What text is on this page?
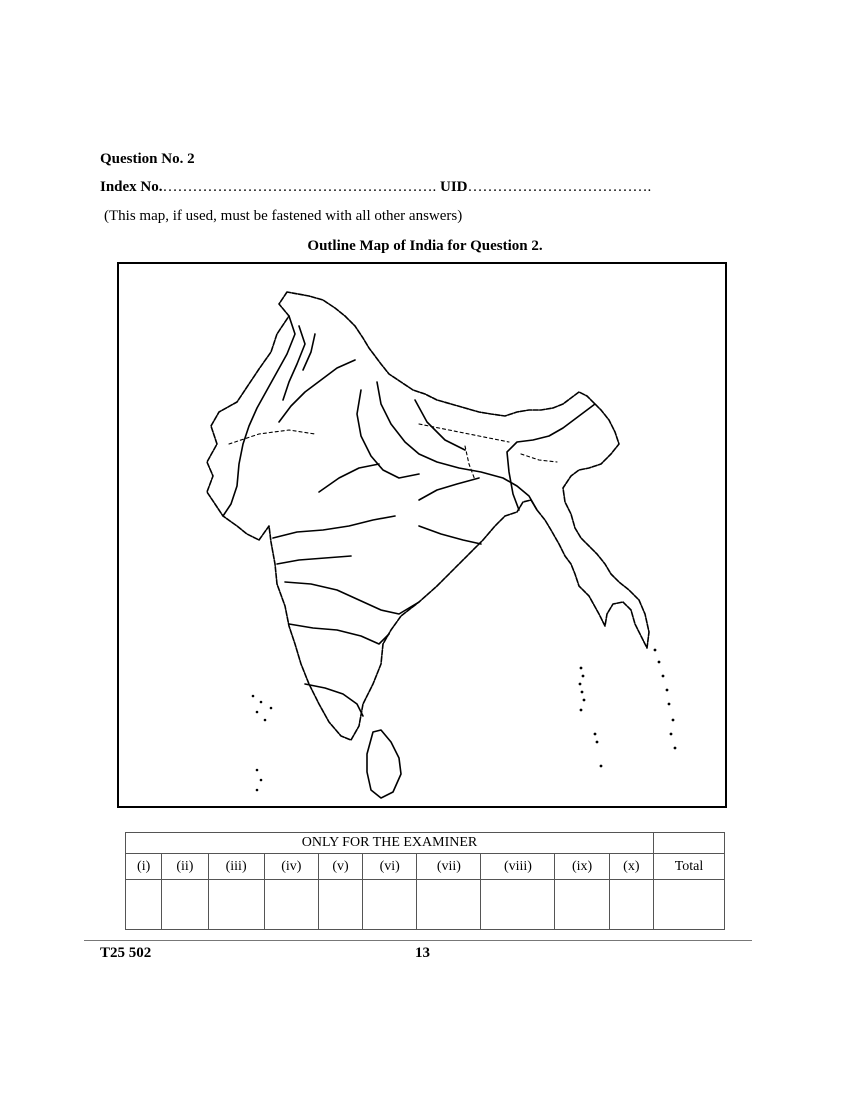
Question No. 2
Index No.………………………………………………. UID……………………………….
(This map, if used, must be fastened with all other answers)
Outline Map of India for Question 2.
ONLY FOR THE EXAMINER										
(i)	(ii)	(iii)	(iv)	(v)	(vi)	(vii)	(viii)	(ix)	(x)	Total

T25 502	13
